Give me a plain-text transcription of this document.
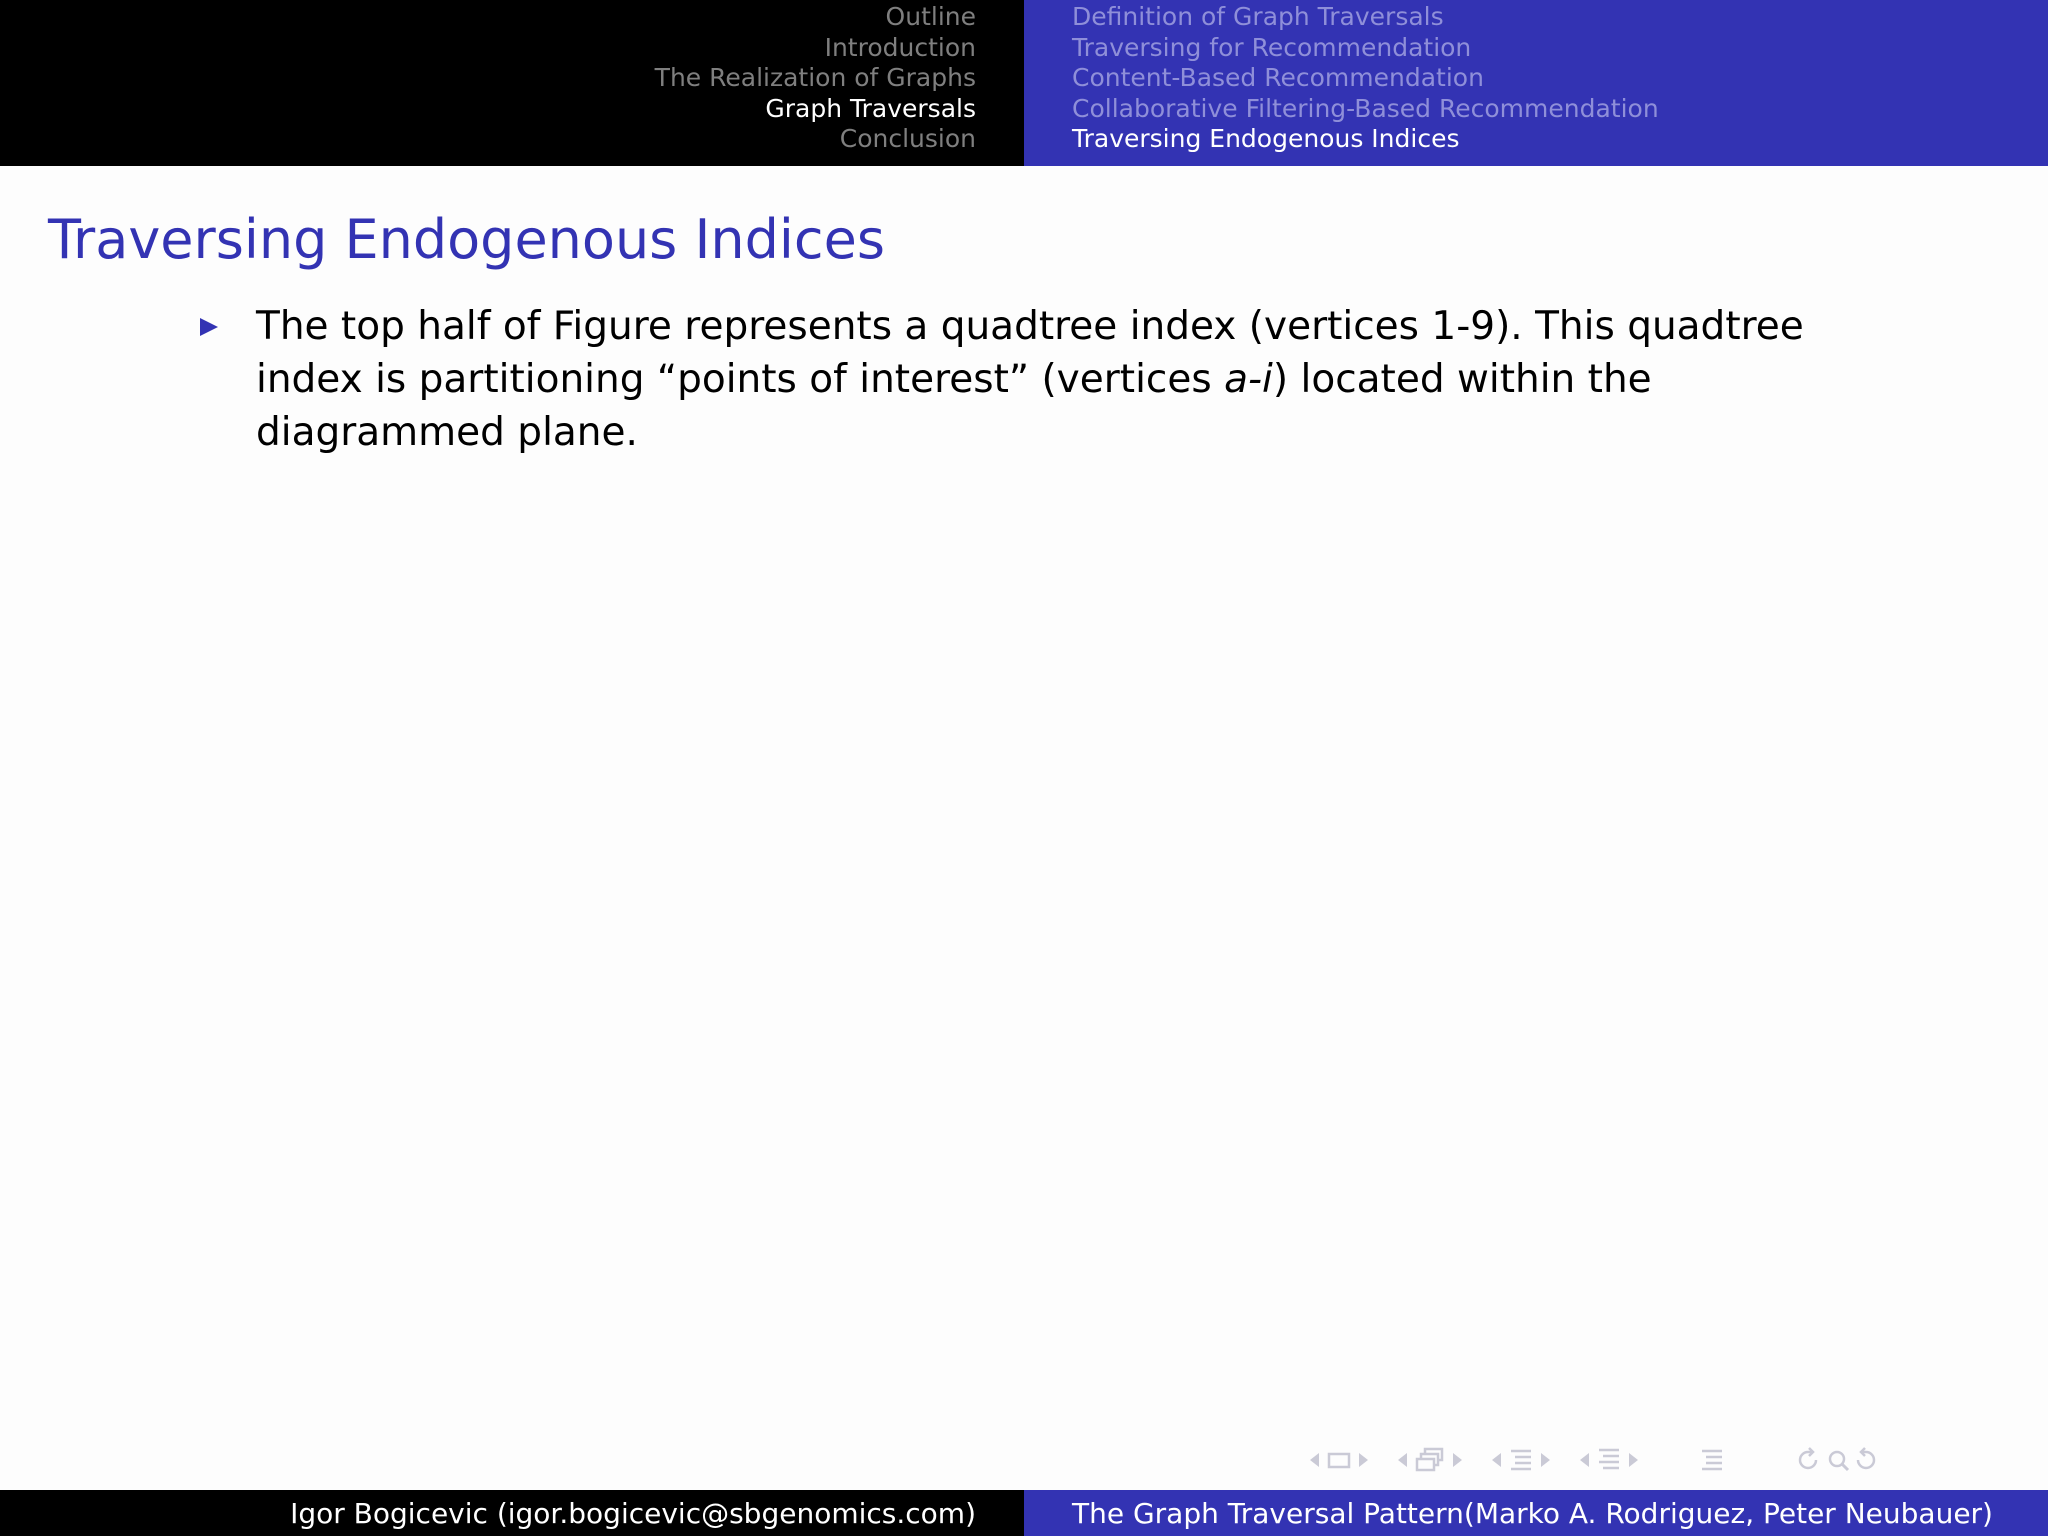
Outline
Introduction
The Realization of Graphs
Graph Traversals
Conclusion
Definition of Graph Traversals
Traversing for Recommendation
Content-Based Recommendation
Collaborative Filtering-Based Recommendation
Traversing Endogenous Indices
Traversing Endogenous Indices
The top half of Figure represents a quadtree index (vertices 1-9). This quadtree index is partitioning “points of interest” (vertices a-i) located within the diagrammed plane.
Igor Bogicevic (igor.bogicevic@sbgenomics.com)	The Graph Traversal Pattern(Marko A. Rodriguez, Peter Neubauer)
